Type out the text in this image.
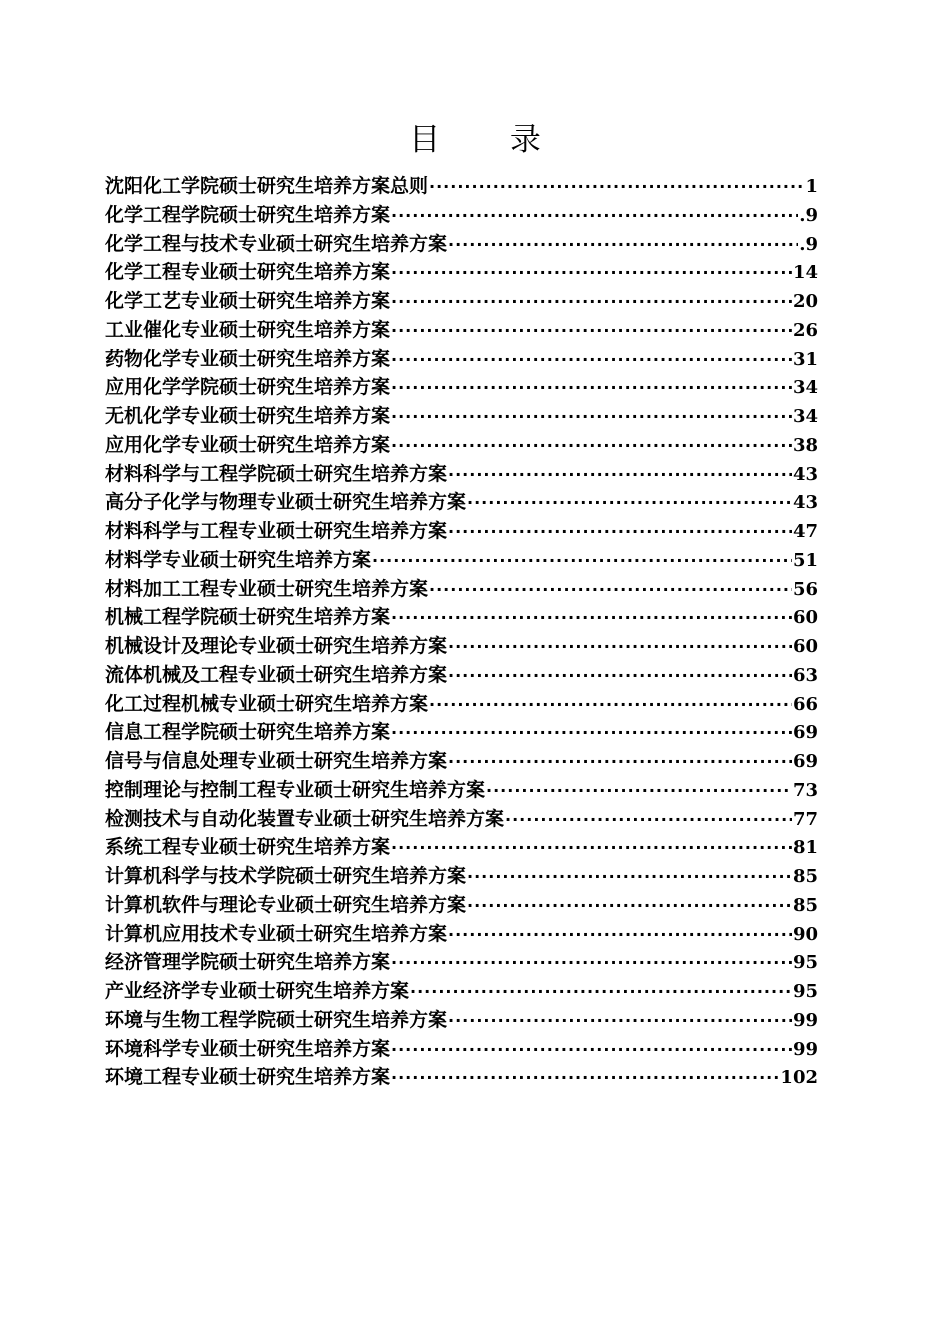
目 录
沈阳化工学院硕士研究生培养方案总则 ·····	1
化学工程学院硕士研究生培养方案 ·····	.9
化学工程与技术专业硕士研究生培养方案 ·····	.9
化学工程专业硕士研究生培养方案 ·····	14
化学工艺专业硕士研究生培养方案 ·····	20
工业催化专业硕士研究生培养方案 ·····	26
药物化学专业硕士研究生培养方案 ·····	31
应用化学学院硕士研究生培养方案 ·····	34
无机化学专业硕士研究生培养方案 ·····	34
应用化学专业硕士研究生培养方案 ·····	38
材料科学与工程学院硕士研究生培养方案 ·····	43
高分子化学与物理专业硕士研究生培养方案 ·····	43
材料科学与工程专业硕士研究生培养方案 ·····	47
材料学专业硕士研究生培养方案 ·····	51
材料加工工程专业硕士研究生培养方案 ·····	56
机械工程学院硕士研究生培养方案 ·····	60
机械设计及理论专业硕士研究生培养方案 ·····	60
流体机械及工程专业硕士研究生培养方案 ·····	63
化工过程机械专业硕士研究生培养方案 ·····	66
信息工程学院硕士研究生培养方案 ·····	69
信号与信息处理专业硕士研究生培养方案 ·····	69
控制理论与控制工程专业硕士研究生培养方案 ·····	73
检测技术与自动化装置专业硕士研究生培养方案 ·····	77
系统工程专业硕士研究生培养方案 ·····	81
计算机科学与技术学院硕士研究生培养方案 ·····	85
计算机软件与理论专业硕士研究生培养方案 ·····	85
计算机应用技术专业硕士研究生培养方案 ·····	90
经济管理学院硕士研究生培养方案 ·····	95
产业经济学专业硕士研究生培养方案 ·····	95
环境与生物工程学院硕士研究生培养方案 ·····	99
环境科学专业硕士研究生培养方案 ·····	99
环境工程专业硕士研究生培养方案 ·····	102
